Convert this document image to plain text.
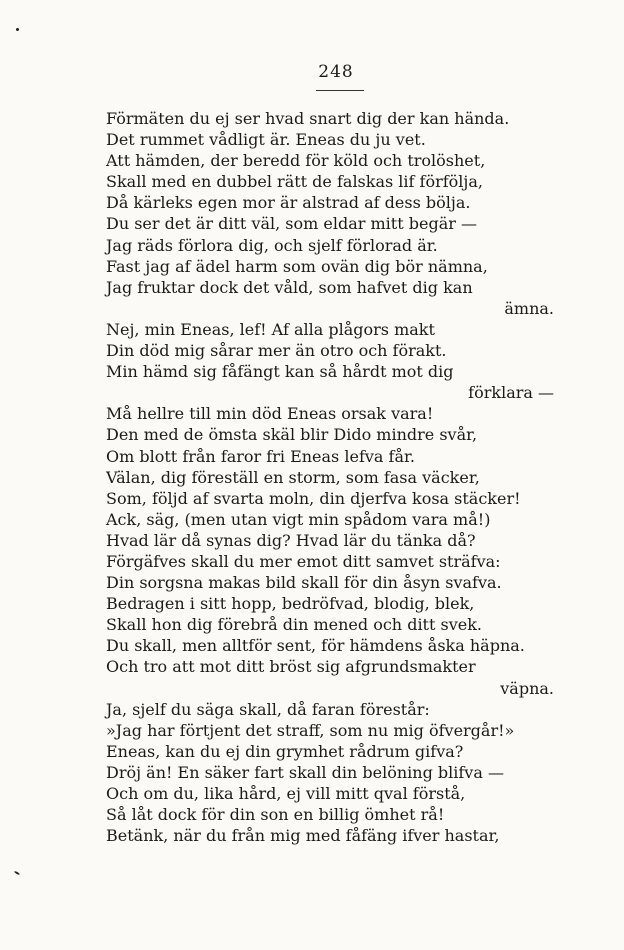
248
Förmäten du ej ser hvad snart dig der kan hända.
Det rummet vådligt är. Eneas du ju vet.
Att hämden, der beredd för köld och trolöshet,
Skall med en dubbel rätt de falskas lif förfölja,
Då kärlеks egen mor är alstrad af dess bölja.
Du ser det är ditt väl, som eldar mitt begär —
Jag räds förlora dig, och sjelf förlorad är.
Fast jag af ädel harm som ovän dig bör nämna,
Jag fruktar dock det våld, som hafvet dig kan
ämna.
Nej, min Eneas, lef! Af alla plågors makt
Din död mig sårar mer än otro och förakt.
Min hämd sig fåfängt kan så hårdt mot dig
förklara —
Må hellre till min död Eneas orsak vara!
Den med de ömsta skäl blir Dido mindre svår,
Om blott från faror fri Eneas lefva får.
Välan, dig föreställ en storm, som fasa väcker,
Som, följd af svarta moln, din djerfva kosa stäcker!
Ack, säg, (men utan vigt min spådom vara må!)
Hvad lär då synas dig? Hvad lär du tänka då?
Förgäfves skall du mer emot ditt samvet sträfva:
Din sorgsna makas bild skall för din åsyn svafva.
Bedragen i sitt hopp, bedröfvad, blodig, blek,
Skall hon dig förebrå din mened och ditt svek.
Du skall, men alltför sent, för hämdens åska häpna.
Och tro att mot ditt bröst sig afgrundsmakter
väpna.
Ja, sjelf du säga skall, då faran förestår:
»Jag har förtjent det straff, som nu mig öfvergår!»
Eneas, kan du ej din grymhet rådrum gifva?
Dröj än! En säker fart skall din belöning blifva —
Och om du, lika hård, ej vill mitt qval förstå,
Så låt dock för din son en billig ömhet rå!
Betänk, när du från mig med fåfäng ifver hastar,
